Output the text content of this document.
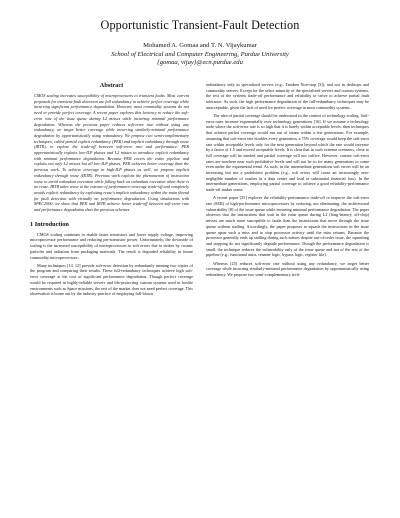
Opportunistic Transient-Fault Detection
Mohamed A. Gomaa and T. N. Vijaykumar
School of Electrical and Computer Engineering, Purdue University
{gomaa, vijay}@ecn.purdue.edu
Abstract
CMOS scaling increases susceptibility of microprocessors to transient faults. Most current proposals for transient-fault detection use full redundancy to achieve perfect coverage while incurring significant performance degradation. However, most commodity systems do not need or provide perfect coverage. A recent paper explores this leniency to reduce the soft-error rate of the issue queue during L2 misses while incurring minimal performance degradation. Whereas the previous paper reduces soft-error rate without using any redundancy, we target better coverage while incurring similarly-minimal performance degradation by opportunistically using redundancy. We propose two semi-complementary techniques, called partial explicit redundancy (PER) and implicit redundancy through reuse (IRTR), to explore the trade-off between soft-error rate and performance. PER opportunistically exploits low-ILP phases and L2 misses to introduce explicit redundancy with minimal performance degradation. Because PER covers the entire pipeline and exploits not only L2 misses but all low-ILP phases, PER achieves better coverage than the previous work. To achieve coverage in high-ILP phases as well, we propose implicit redundancy through reuse (IRTR). Previous work exploits the phenomenon of instruction reuse to avoid redundant execution while falling back on redundant execution when there is no reuse. IRTR takes reuse to the extreme of performance-coverage trade-off and completely avoids explicit redundancy by exploiting reuse's implicit redundancy within the main thread for fault detection with virtually no performance degradation. Using simulations with SPEC2000, we show that PER and IRTR achieve better trade-off between soft-error rate and performance degradation than the previous schemes.
1 Introduction

CMOS scaling continues to enable faster transistors and lower supply voltage, improving microprocessor performance and reducing per-transistor power. Unfortunately, the downside of scaling is the increased susceptibility of microprocessors to soft errors due to strikes by cosmic particles and radiation from packaging materials. The result is degraded reliability in future commodity microprocessors.

Many techniques [14, 12] provide soft-error detection by redundantly running two copies of the program and comparing their results. These full-redundancy techniques achieve high soft-error coverage at the cost of significant performance degradation. Though perfect coverage would be required in highly-reliable servers and life-protecting custom systems used in hostile environments such as Space missions, the rest of the market does not need perfect coverage. This observation is borne out by the industry practice of employing full-blown

redundancy only in specialized servers (e.g., Tandem Non-stop [3]), and not in desktops and commodity servers. Except for the select minority of the specialized servers and custom systems, the rest of the systems trade-off performance and reliability to strive to achieve partial fault tolerance. As such, the high performance degradation of the full-redundancy techniques may be unacceptable, given the lack of need for perfect coverage in most commodity systems.

The idea of partial coverage should be understood in the context of technology scaling. Soft-error rates increase exponentially over technology generations [16]. If we assume a technology node where the soft-error rate is so high that it is barely within acceptable levels, then techniques that achieve partial coverage would run out of steam within a few generations. For example, assuming that soft-error rate doubles every generation, a 75% coverage would keep the soft-error rate within acceptable levels only for the next generation beyond which the rate would increase by a factor of 1.5 and exceed acceptable levels. It is clear that in such extreme scenarios, close to full coverage will be needed and partial coverage will not suffice. However, current soft-error rates are nowhere near such prohibitive levels and will not be so for many generations to come even under the exponential trend. As such, in the intermediate generations soft errors will be an increasing but not a prohibitive problem (e.g., soft errors will cause an increasingly non-negligible number of crashes in a data center and lead to substantial financial loss). In the intermediate generations, employing partial coverage to achieve a good reliability-performance trade-off makes sense.

A recent paper [25] explores the reliability-performance trade-off to improve the soft-error rate (SER) of high-performance microprocessors by reducing, not eliminating, the architectural vulnerability [8] of the issue queue while incurring minimal performance degradation. The paper observes that the instructions that wait in the issue queue during L2 (long-latency, off-chip) misses are much more susceptible to faults than the instructions that move through the issue queue without stalling. Accordingly, the paper proposes to squash the instructions in the issue queue upon such a miss and to stop processor activity until the miss returns. Because the processor generally ends up stalling during such misses despite out-of-order issue, the squashing and stopping do not significantly degrade performance. Though the performance degradation is small, the technique reduces the vulnerability only of the issue queue and not of the rest of the pipeline (e.g., functional units, rename logic, bypass logic, register file).

Whereas [25] reduces soft-error rate without using any redundancy, we target better coverage while incurring similarly-minimal performance degradation by opportunistically using redundancy. We propose two semi-complementary tech-
